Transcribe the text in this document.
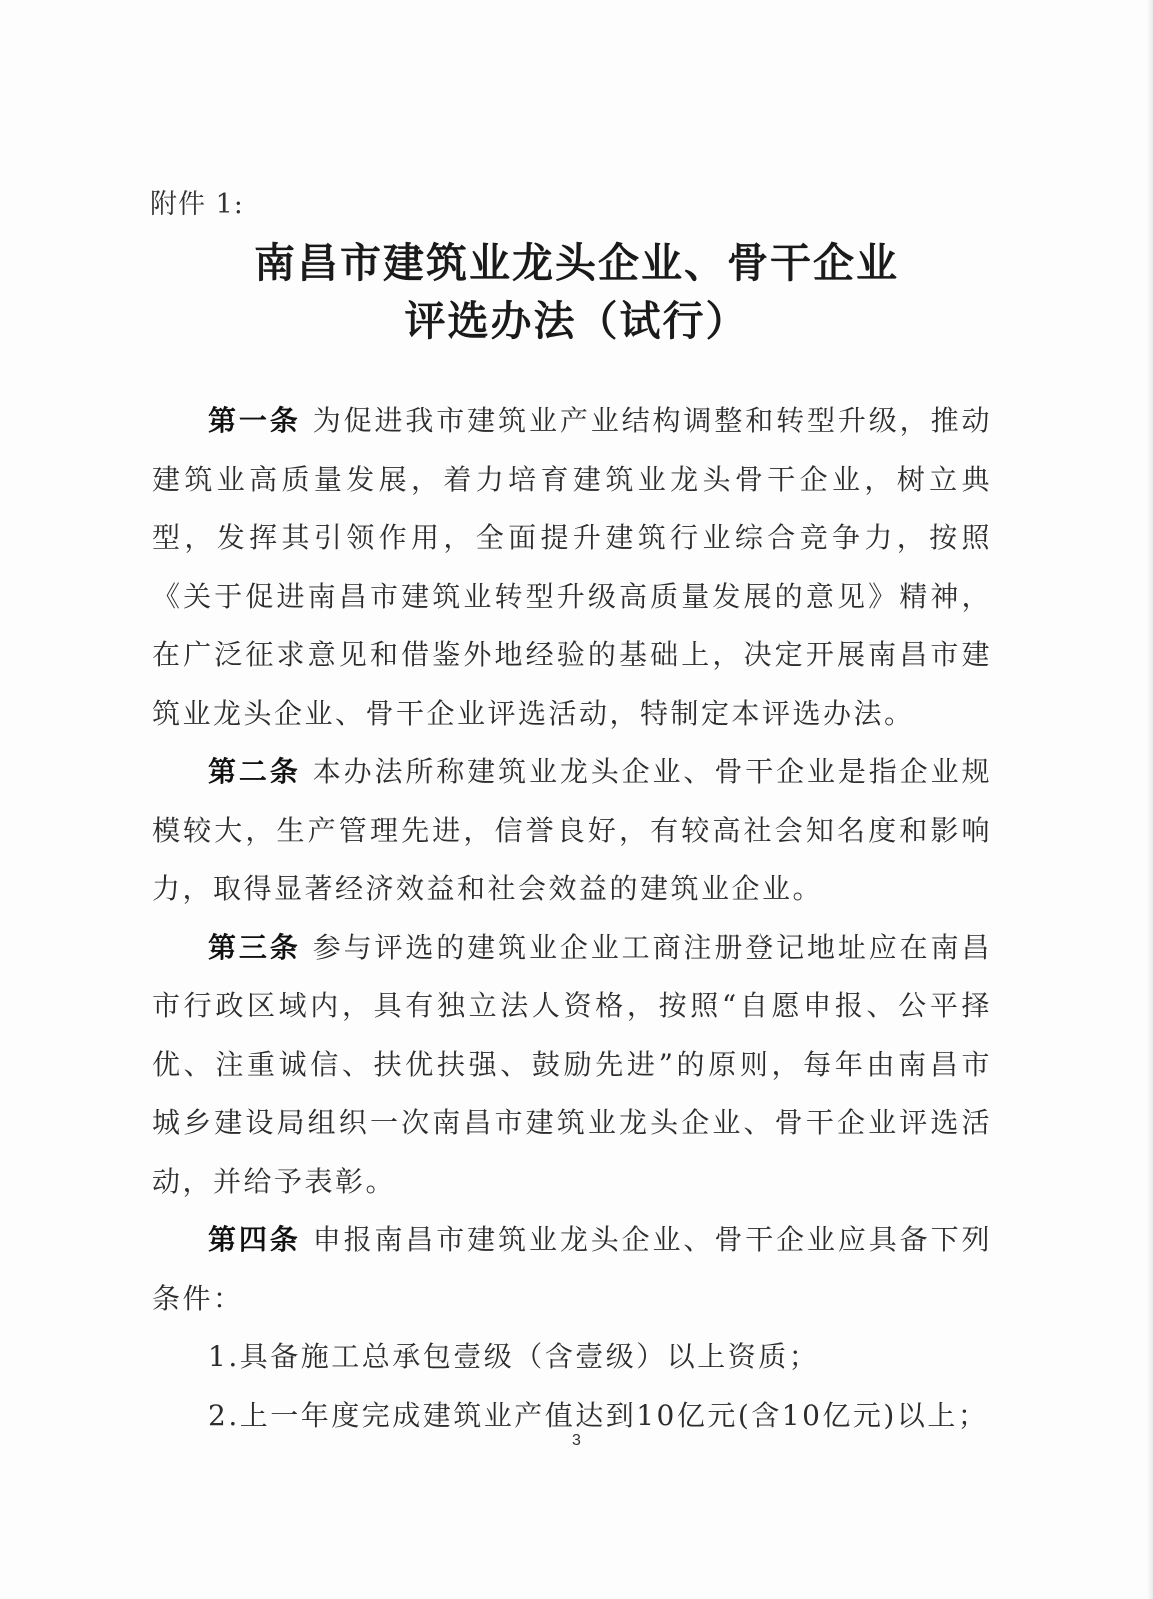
附件 1:
南昌市建筑业龙头企业、骨干企业
评选办法（试行）

第一条 为促进我市建筑业产业结构调整和转型升级，推动建筑业高质量发展，着力培育建筑业龙头骨干企业，树立典型，发挥其引领作用，全面提升建筑行业综合竞争力，按照《关于促进南昌市建筑业转型升级高质量发展的意见》精神，在广泛征求意见和借鉴外地经验的基础上，决定开展南昌市建筑业龙头企业、骨干企业评选活动，特制定本评选办法。

第二条 本办法所称建筑业龙头企业、骨干企业是指企业规模较大，生产管理先进，信誉良好，有较高社会知名度和影响力，取得显著经济效益和社会效益的建筑业企业。

第三条 参与评选的建筑业企业工商注册登记地址应在南昌市行政区域内，具有独立法人资格，按照“自愿申报、公平择优、注重诚信、扶优扶强、鼓励先进”的原则，每年由南昌市城乡建设局组织一次南昌市建筑业龙头企业、骨干企业评选活动，并给予表彰。

第四条 申报南昌市建筑业龙头企业、骨干企业应具备下列条件：

1.具备施工总承包壹级（含壹级）以上资质；

2.上一年度完成建筑业产值达到10亿元(含10亿元)以上；

3
